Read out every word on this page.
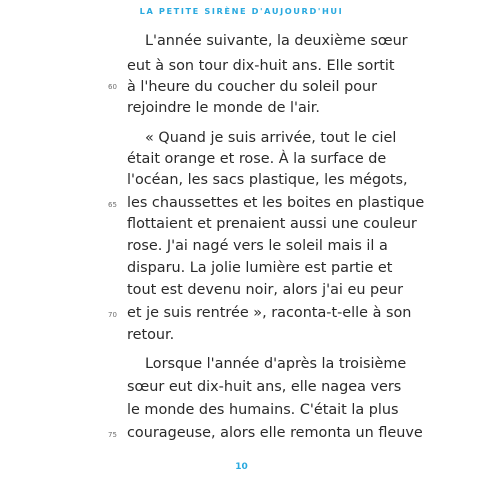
LA PETITE SIRÈNE D'AUJOURD'HUI
L'année suivante, la deuxième sœur
eut à son tour dix-huit ans. Elle sortit
60 à l'heure du coucher du soleil pour
rejoindre le monde de l'air.
« Quand je suis arrivée, tout le ciel
était orange et rose. À la surface de
l'océan, les sacs plastique, les mégots,
65 les chaussettes et les boites en plastique
flottaient et prenaient aussi une couleur
rose. J'ai nagé vers le soleil mais il a
disparu. La jolie lumière est partie et
tout est devenu noir, alors j'ai eu peur
70 et je suis rentrée », raconta-t-elle à son
retour.
Lorsque l'année d'après la troisième
sœur eut dix-huit ans, elle nagea vers
le monde des humains. C'était la plus
75 courageuse, alors elle remonta un fleuve
10
